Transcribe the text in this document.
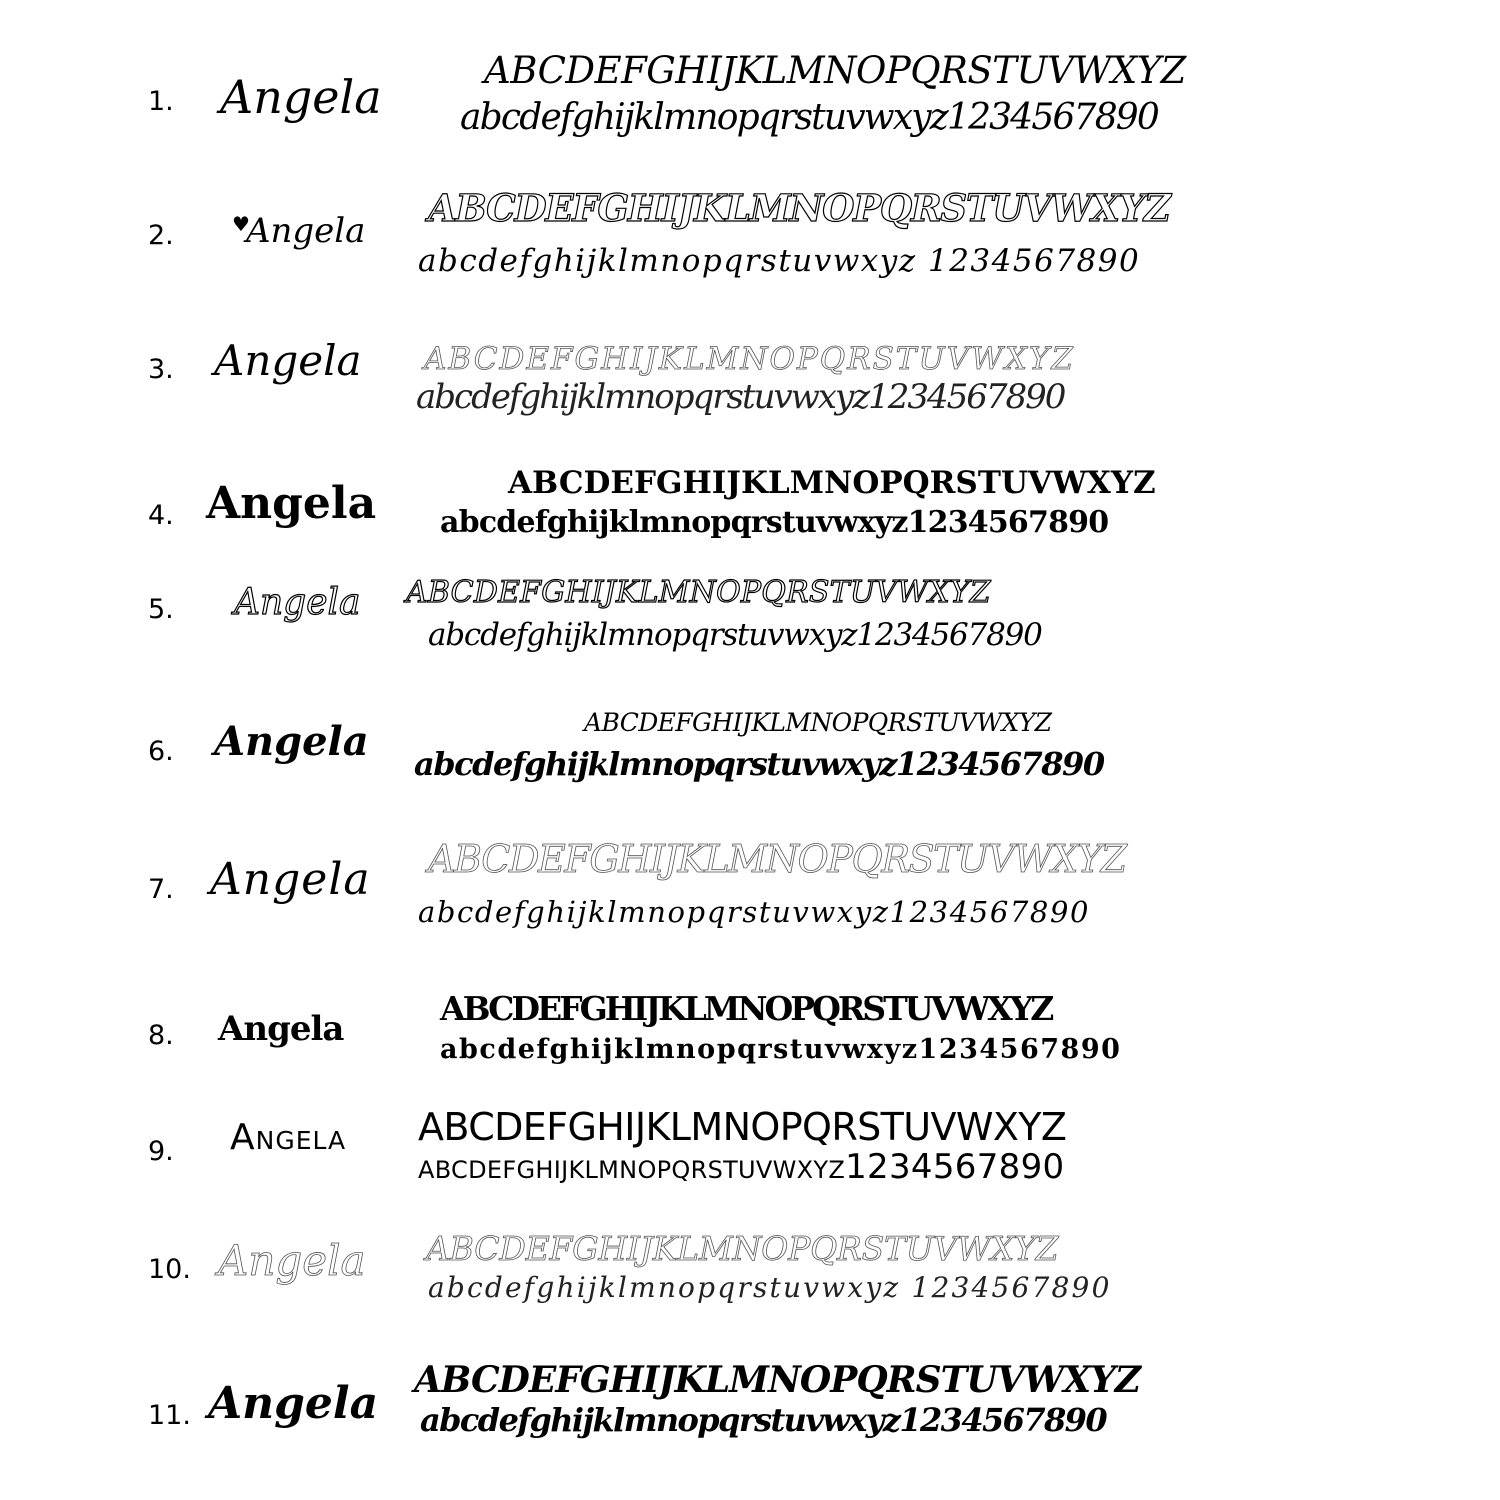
1. Angela	ABCDEFGHIJKLMNOPQRSTUVWXYZ
abcdefghijklmnopqrstuvwxyz1234567890
2.	♥Angela
ABCDEFGHIJKLMNOPQRSTUVWXYZ
abcdefghijklmnopqrstuvwxyz 1234567890
3. Angela ABCDEFGHIJKLMNOPQRSTUVWXYZ
abcdefghijklmnopqrstuvwxyz1234567890
4. Angela	ABCDEFGHIJKLMNOPQRSTUVWXYZ
abcdefghijklmnopqrstuvwxyz1234567890
5. Angela ABCDEFGHIJKLMNOPQRSTUVWXYZ
abcdefghijklmnopqrstuvwxyz1234567890
6. Angela	ABCDEFGHIJKLMNOPQRSTUVWXYZ
abcdefghijklmnopqrstuvwxyz1234567890
7. Angela ABCDEFGHIJKLMNOPQRSTUVWXYZ
abcdefghijklmnopqrstuvwxyz1234567890
8. Angela
ABCDEFGHIJKLMNOPQRSTUVWXYZ
abcdefghijklmnopqrstuvwxyz1234567890
9. Angela ABCDEFGHIJKLMNOPQRSTUVWXYZ
abcdefghijklmnopqrstuvwxyz1234567890
10. Angela ABCDEFGHIJKLMNOPQRSTUVWXYZ
abcdefghijklmnopqrstuvwxyz 1234567890
11. Angela ABCDEFGHIJKLMNOPQRSTUVWXYZ
abcdefghijklmnopqrstuvwxyz1234567890
